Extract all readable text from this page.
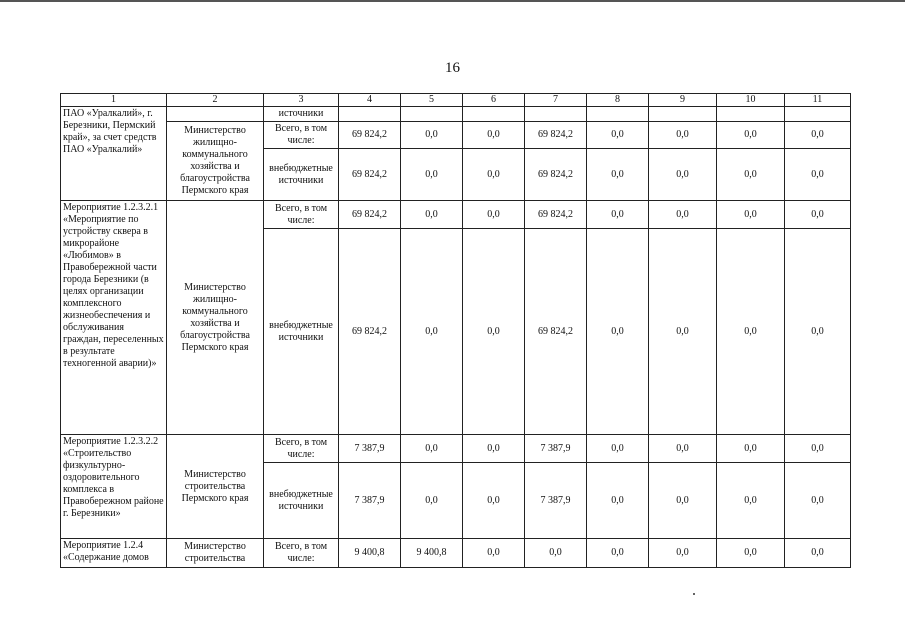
16
1	2	3	4	5	6	7	8	9	10	11
ПАО «Уралкалий», г. Березники, Пермский край», за счет средств ПАО «Уралкалий»		источники								
	Министерство жилищно-коммунального хозяйства и благоустройства Пермского края	Всего, в том числе:	69 824,2	0,0	0,0	69 824,2	0,0	0,0	0,0	0,0
		внебюджетные источники	69 824,2	0,0	0,0	69 824,2	0,0	0,0	0,0	0,0
Мероприятие 1.2.3.2.1 «Мероприятие по устройству сквера в микрорайоне «Любимов» в Правобережной части города Березники (в целях организации комплексного жизнеобеспечения и обслуживания граждан, переселенных в результате техногенной аварии)»	Министерство жилищно-коммунального хозяйства и благоустройства Пермского края	Всего, в том числе:	69 824,2	0,0	0,0	69 824,2	0,0	0,0	0,0	0,0
		внебюджетные источники	69 824,2	0,0	0,0	69 824,2	0,0	0,0	0,0	0,0
Мероприятие 1.2.3.2.2 «Строительство физкультурно-оздоровительного комплекса в Правобережном районе г. Березники»	Министерство строительства Пермского края	Всего, в том числе:	7 387,9	0,0	0,0	7 387,9	0,0	0,0	0,0	0,0
		внебюджетные источники	7 387,9	0,0	0,0	7 387,9	0,0	0,0	0,0	0,0
Мероприятие 1.2.4 «Содержание домов	Министерство строительства	Всего, в том числе:	9 400,8	9 400,8	0,0	0,0	0,0	0,0	0,0	0,0
